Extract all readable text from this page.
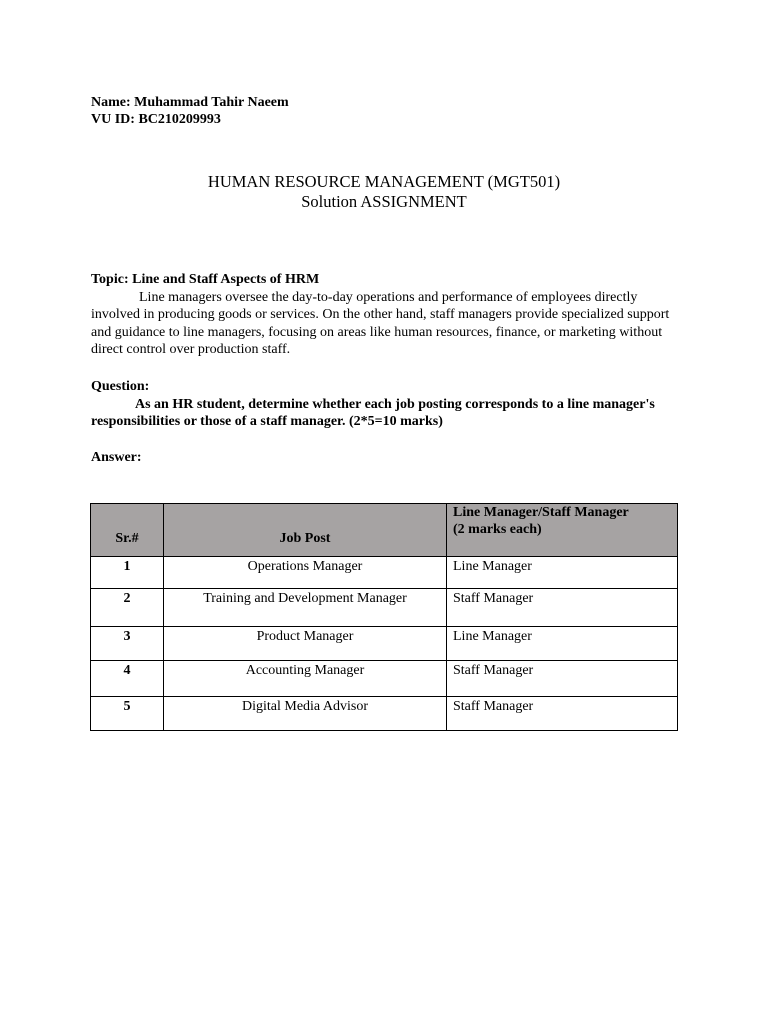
Name: Muhammad Tahir Naeem
VU ID: BC210209993
HUMAN RESOURCE MANAGEMENT (MGT501)
Solution ASSIGNMENT
Topic: Line and Staff Aspects of HRM

Line managers oversee the day-to-day operations and performance of employees directly involved in producing goods or services. On the other hand, staff managers provide specialized support and guidance to line managers, focusing on areas like human resources, finance, or marketing without direct control over production staff.

Question:

As an HR student, determine whether each job posting corresponds to a line manager's responsibilities or those of a staff manager. (2*5=10 marks)

Answer:
Sr.#	Job Post	Line Manager/Staff Manager
(2 marks each)

1	Operations Manager	Line Manager
2	Training and Development Manager	Staff Manager
3	Product Manager	Line Manager
4	Accounting Manager	Staff Manager
5	Digital Media Advisor	Staff Manager
